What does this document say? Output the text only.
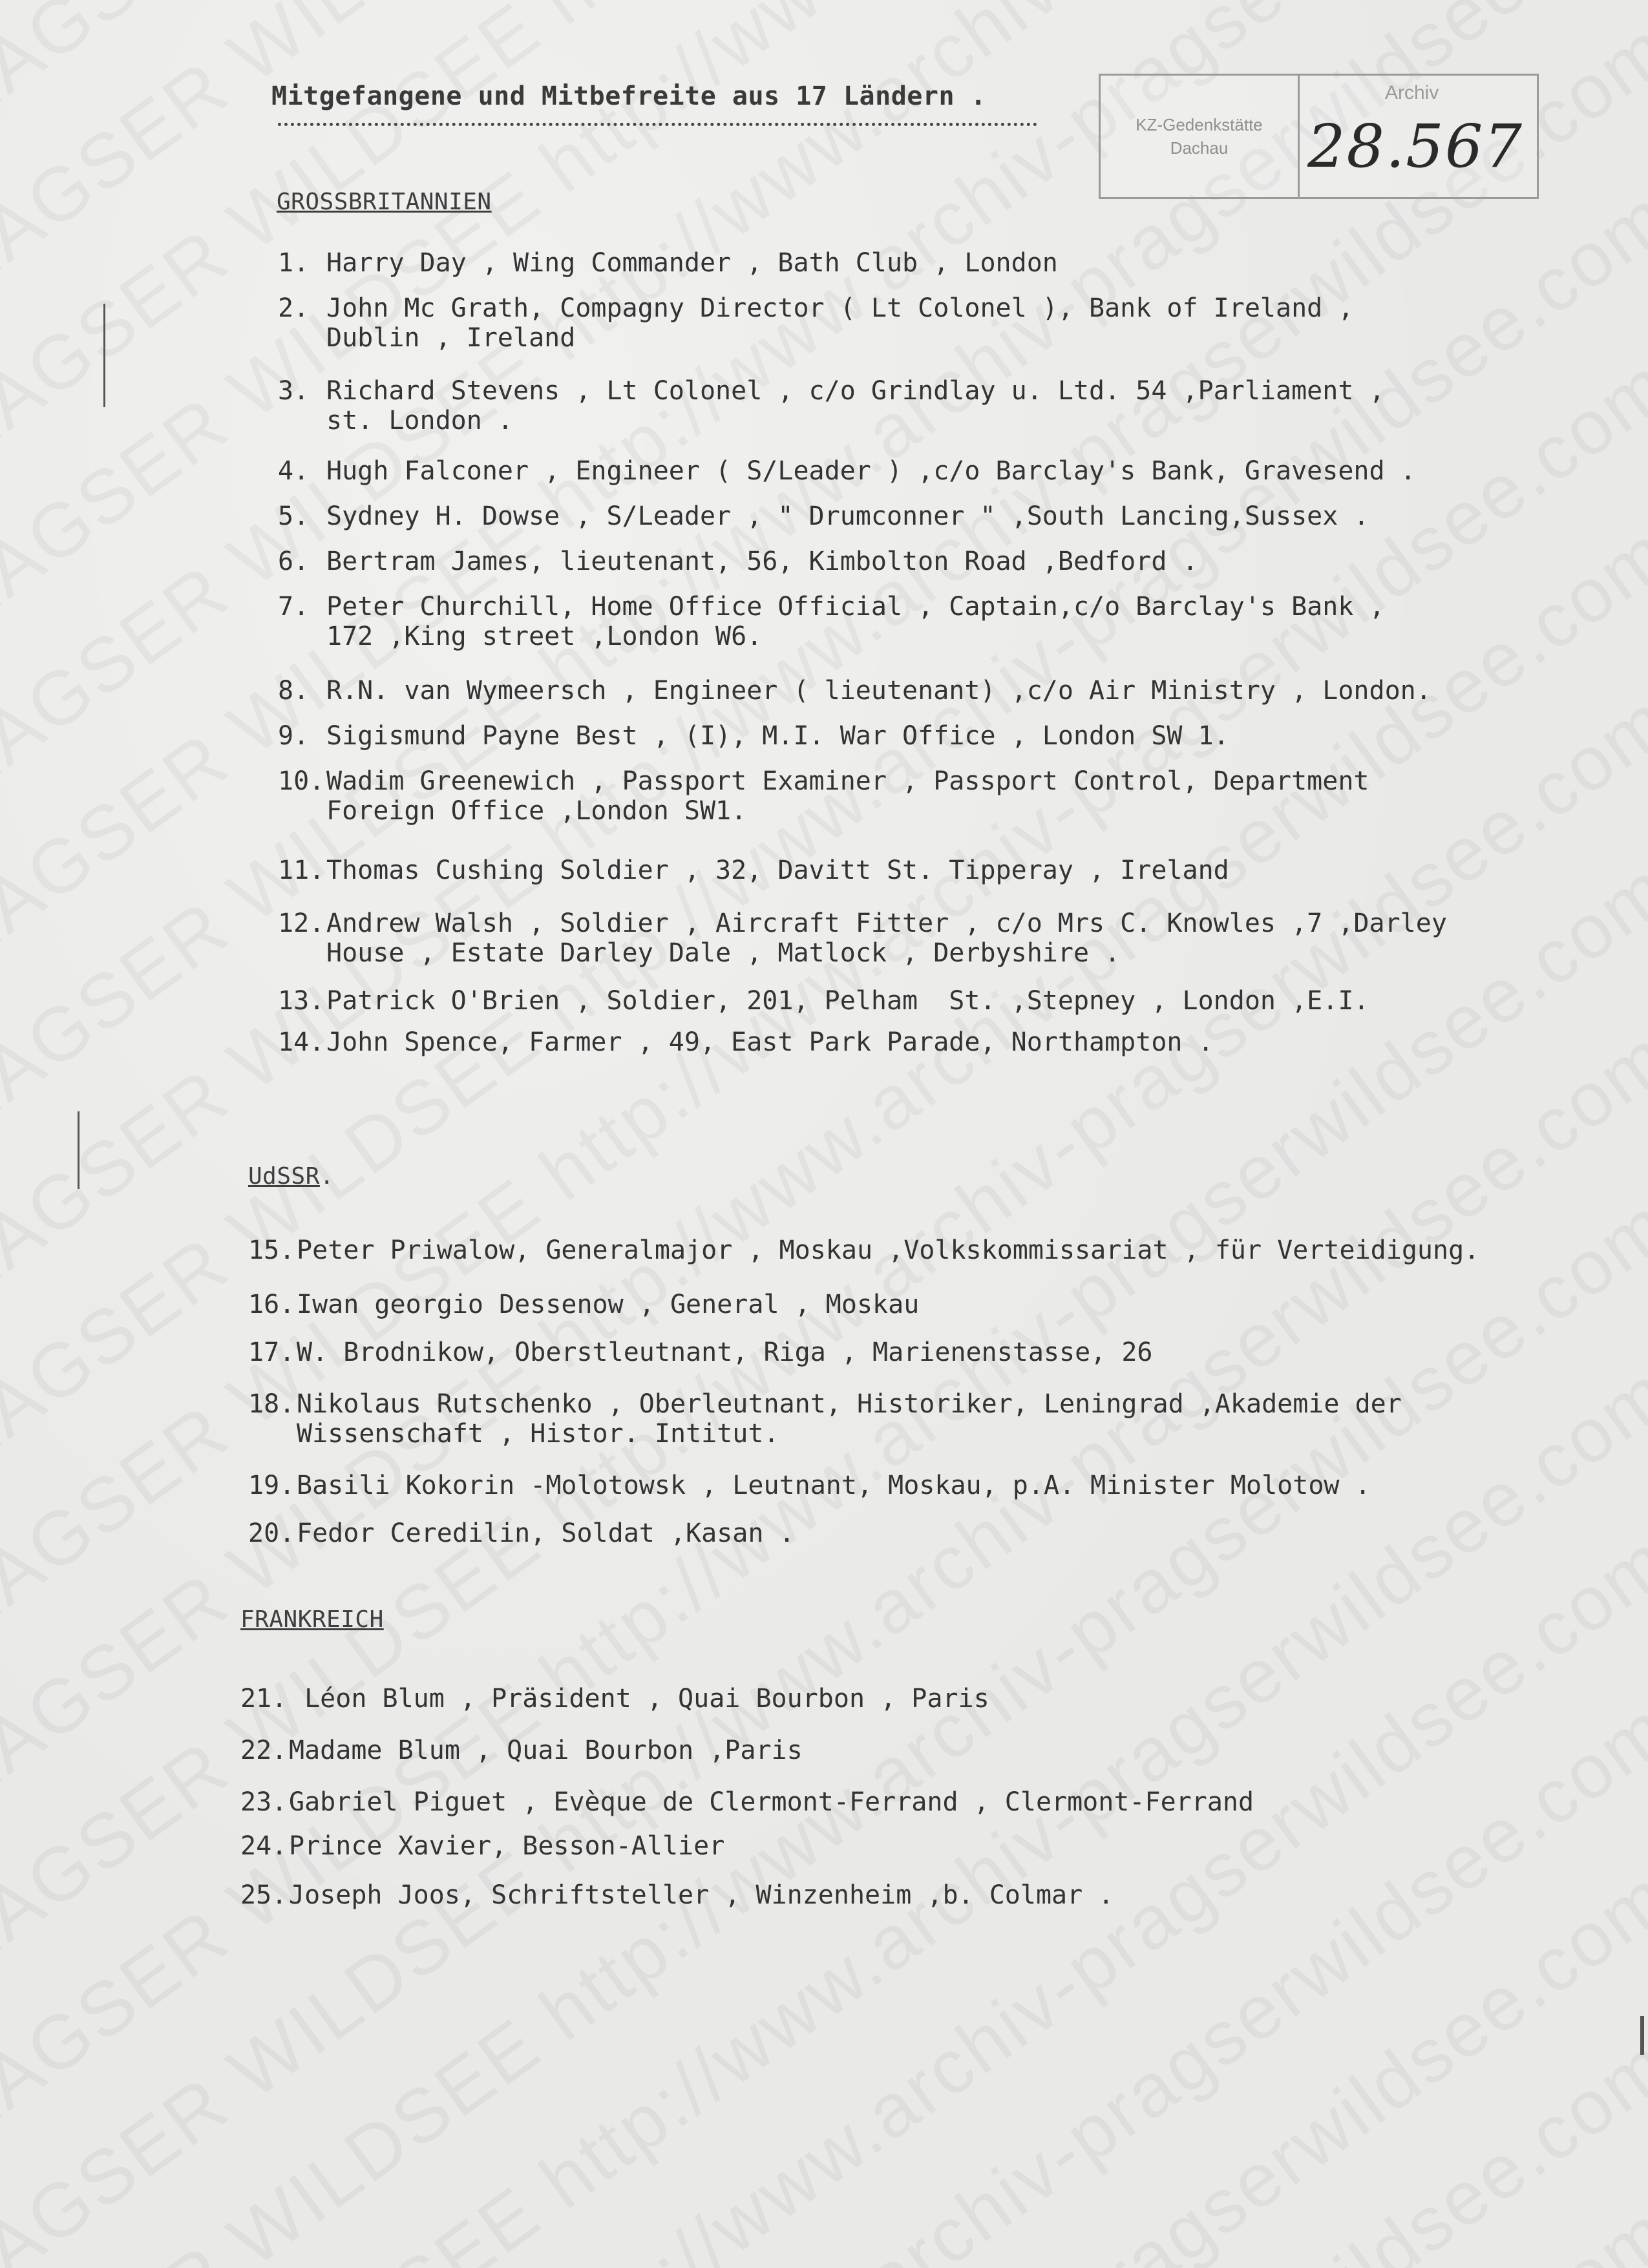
Mitgefangene und Mitbefreite aus 17 Ländern .
KZ-Gedenkstätte
Dachau
Archiv
28.567
GROSSBRITANNIEN
1. Harry Day , Wing Commander , Bath Club , London
2. John Mc Grath, Compagny Director ( Lt Colonel ), Bank of Ireland ,
Dublin , Ireland
3. Richard Stevens , Lt Colonel , c/o Grindlay u. Ltd. 54 ,Parliament ,
st. London .
4. Hugh Falconer , Engineer ( S/Leader ) ,c/o Barclay's Bank, Gravesend .
5. Sydney H. Dowse , S/Leader , " Drumconner " ,South Lancing,Sussex .
6. Bertram James, lieutenant, 56, Kimbolton Road ,Bedford .
7. Peter Churchill, Home Office Official , Captain,c/o Barclay's Bank ,
172 ,King street ,London W6.
8. R.N. van Wymeersch , Engineer ( lieutenant) ,c/o Air Ministry , London.
9. Sigismund Payne Best , (I), M.I. War Office , London SW 1.
10.Wadim Greenewich , Passport Examiner , Passport Control, Department
Foreign Office ,London SW1.
11.Thomas Cushing Soldier , 32, Davitt St. Tipperay , Ireland
12.Andrew Walsh , Soldier , Aircraft Fitter , c/o Mrs C. Knowles ,7 ,Darley
House , Estate Darley Dale , Matlock , Derbyshire .
13.Patrick O'Brien , Soldier, 201, Pelham  St. ,Stepney , London ,E.I.
14.John Spence, Farmer , 49, East Park Parade, Northampton .
UdSSR.
15.Peter Priwalow, Generalmajor , Moskau ,Volkskommissariat , für Verteidigung.
16.Iwan georgio Dessenow , General , Moskau
17.W. Brodnikow, Oberstleutnant, Riga , Marienenstasse, 26
18.Nikolaus Rutschenko , Oberleutnant, Historiker, Leningrad ,Akademie der
Wissenschaft , Histor. Intitut.
19.Basili Kokorin -Molotowsk , Leutnant, Moskau, p.A. Minister Molotow .
20.Fedor Ceredilin, Soldat ,Kasan .
FRANKREICH
21. Léon Blum , Präsident , Quai Bourbon , Paris
22.Madame Blum , Quai Bourbon ,Paris
23.Gabriel Piguet , Evèque de Clermont-Ferrand , Clermont-Ferrand
24.Prince Xavier, Besson-Allier
25.Joseph Joos, Schriftsteller , Winzenheim ,b. Colmar .
